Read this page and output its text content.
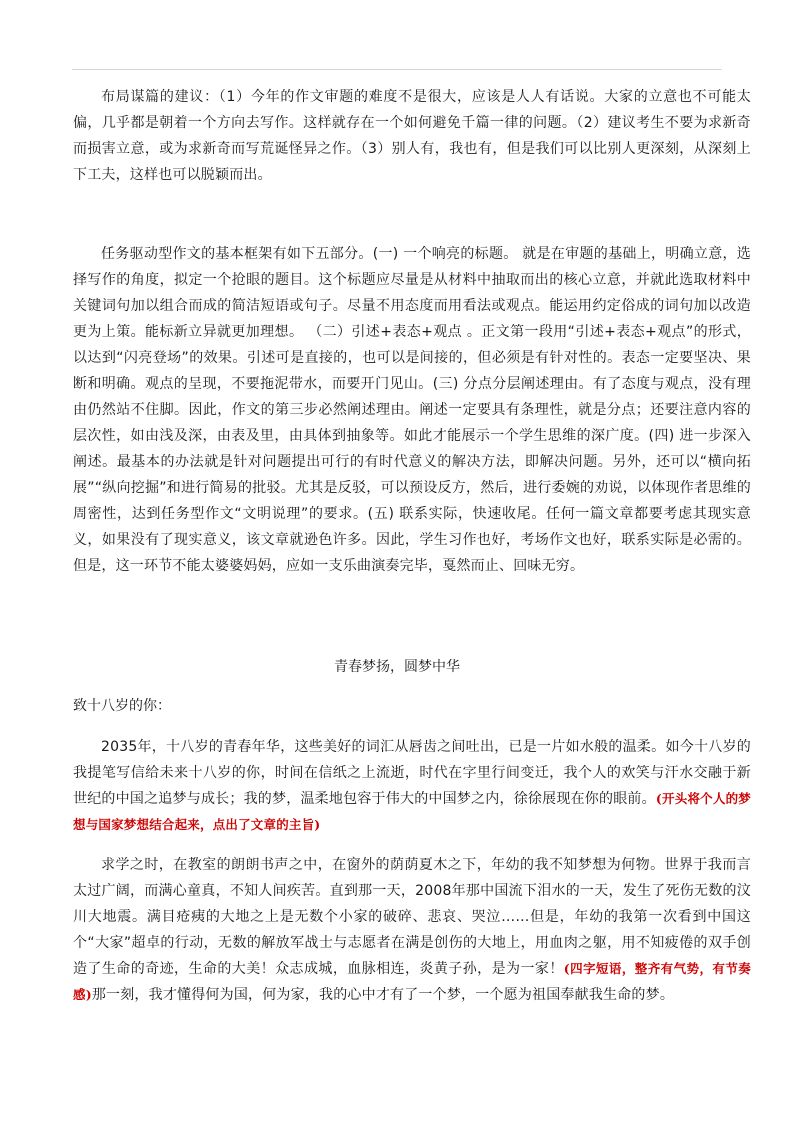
布局谋篇的建议：（1）今年的作文审题的难度不是很大，应该是人人有话说。大家的立意也不可能太偏，几乎都是朝着一个方向去写作。这样就存在一个如何避免千篇一律的问题。（2）建议考生不要为求新奇而损害立意，或为求新奇而写荒诞怪异之作。（3）别人有，我也有，但是我们可以比别人更深刻，从深刻上下工夫，这样也可以脱颖而出。

任务驱动型作文的基本框架有如下五部分。(一) 一个响亮的标题。 就是在审题的基础上，明确立意，选择写作的角度，拟定一个抢眼的题目。这个标题应尽量是从材料中抽取而出的核心立意，并就此选取材料中关键词句加以组合而成的简洁短语或句子。尽量不用态度而用看法或观点。能运用约定俗成的词句加以改造更为上策。能标新立异就更加理想。 （二）引述+表态+观点 。正文第一段用“引述+表态+观点”的形式，以达到“闪亮登场”的效果。引述可是直接的，也可以是间接的，但必须是有针对性的。表态一定要坚决、果断和明确。观点的呈现，不要拖泥带水，而要开门见山。(三) 分点分层阐述理由。有了态度与观点，没有理由仍然站不住脚。因此，作文的第三步必然阐述理由。阐述一定要具有条理性，就是分点；还要注意内容的层次性，如由浅及深，由表及里，由具体到抽象等。如此才能展示一个学生思维的深广度。(四) 进一步深入阐述。最基本的办法就是针对问题提出可行的有时代意义的解决方法，即解决问题。另外，还可以“横向拓展”“纵向挖掘”和进行简易的批驳。尤其是反驳，可以预设反方，然后，进行委婉的劝说，以体现作者思维的周密性，达到任务型作文“文明说理”的要求。(五) 联系实际，快速收尾。任何一篇文章都要考虑其现实意义，如果没有了现实意义，该文章就逊色许多。因此，学生习作也好，考场作文也好，联系实际是必需的。但是，这一环节不能太婆婆妈妈，应如一支乐曲演奏完毕，戛然而止、回味无穷。

青春梦扬，圆梦中华
致十八岁的你：

2035年，十八岁的青春年华，这些美好的词汇从唇齿之间吐出，已是一片如水般的温柔。如今十八岁的我提笔写信给未来十八岁的你，时间在信纸之上流逝，时代在字里行间变迁，我个人的欢笑与汗水交融于新世纪的中国之追梦与成长；我的梦，温柔地包容于伟大的中国梦之内，徐徐展现在你的眼前。(开头将个人的梦想与国家梦想结合起来，点出了文章的主旨)

求学之时，在教室的朗朗书声之中，在窗外的荫荫夏木之下，年幼的我不知梦想为何物。世界于我而言太过广阔，而满心童真，不知人间疾苦。直到那一天，2008年那中国流下泪水的一天，发生了死伤无数的汶川大地震。满目疮痍的大地之上是无数个小家的破碎、悲哀、哭泣……但是，年幼的我第一次看到中国这个“大家”超卓的行动，无数的解放军战士与志愿者在满是创伤的大地上，用血肉之躯，用不知疲倦的双手创造了生命的奇迹，生命的大美！众志成城，血脉相连，炎黄子孙，是为一家！(四字短语，整齐有气势，有节奏感)那一刻，我才懂得何为国，何为家，我的心中才有了一个梦，一个愿为祖国奉献我生命的梦。
